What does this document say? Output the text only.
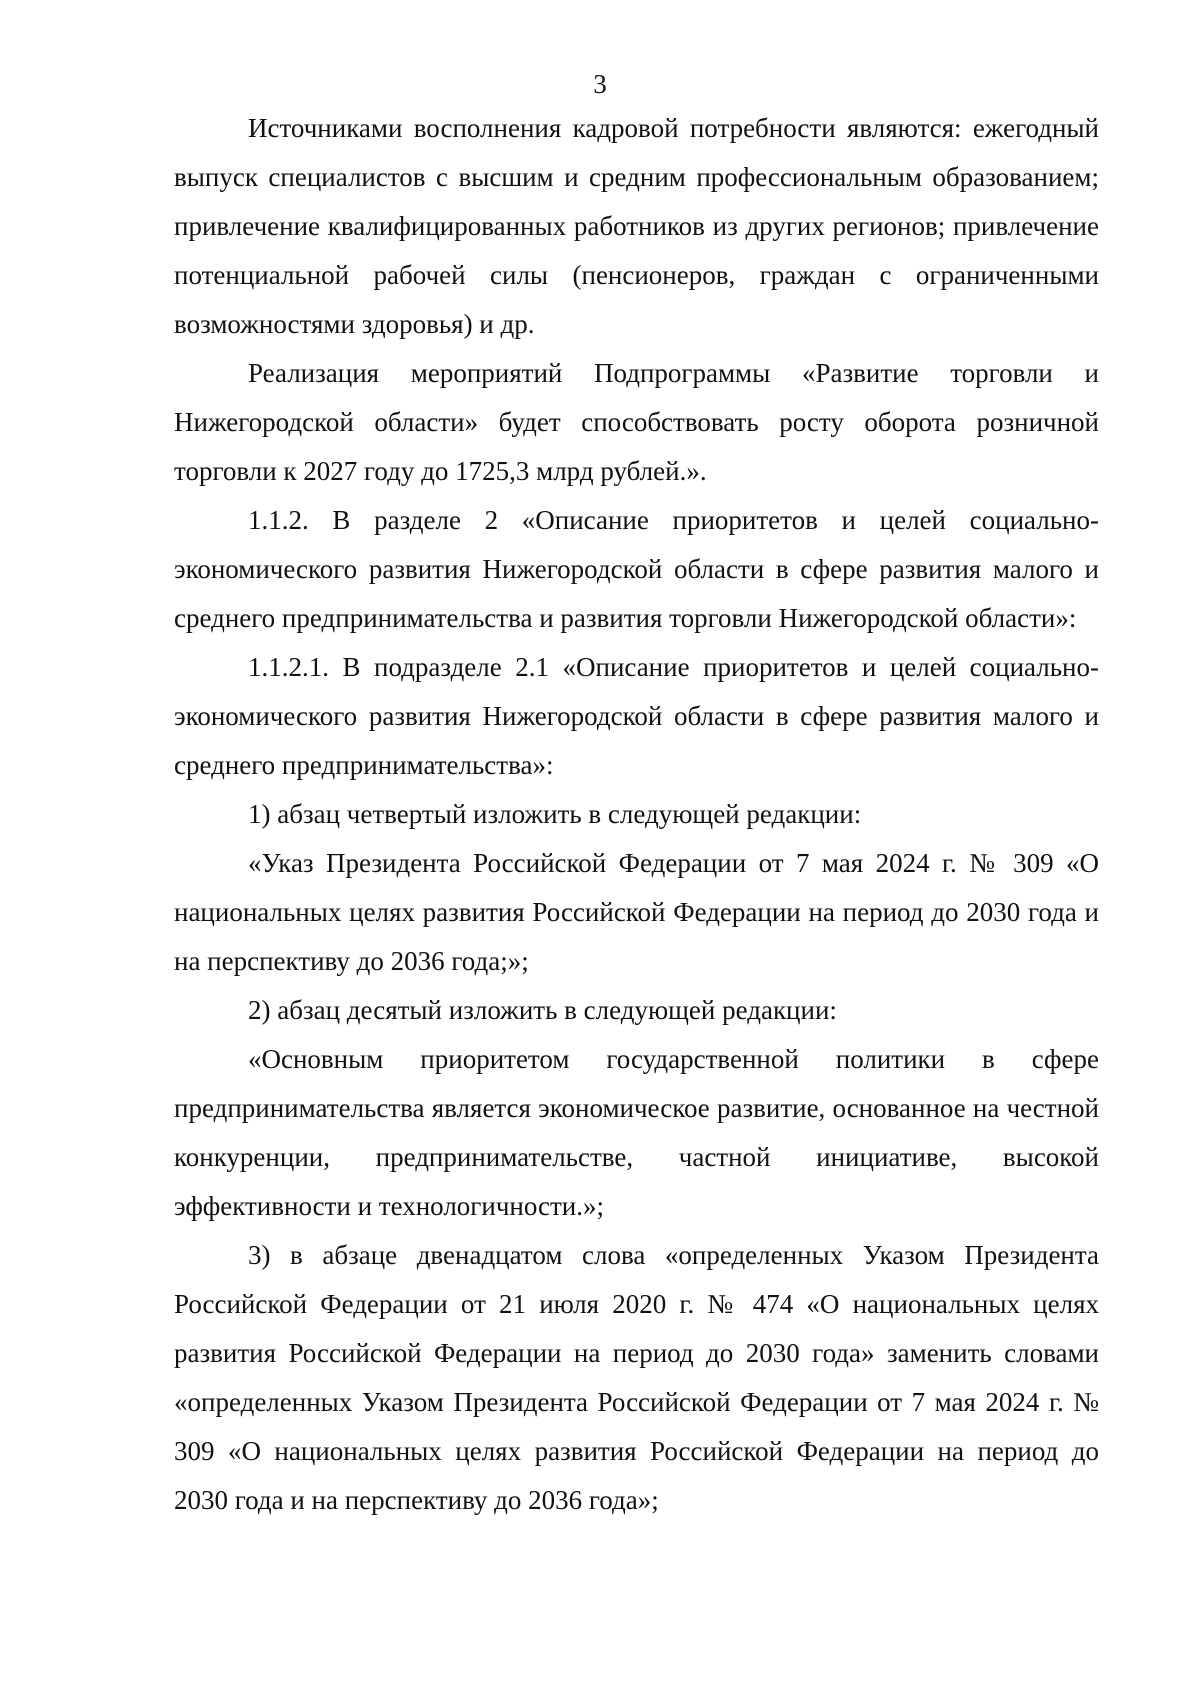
3

Источниками восполнения кадровой потребности являются: ежегодный выпуск специалистов с высшим и средним профессиональным образованием; привлечение квалифицированных работников из других регионов; привлечение потенциальной рабочей силы (пенсионеров, граждан с ограниченными возможностями здоровья) и др.

Реализация мероприятий Подпрограммы «Развитие торговли и Нижегородской области» будет способствовать росту оборота розничной торговли к 2027 году до 1725,3 млрд рублей.».

1.1.2. В разделе 2 «Описание приоритетов и целей социально-экономического развития Нижегородской области в сфере развития малого и среднего предпринимательства и развития торговли Нижегородской области»:

1.1.2.1. В подразделе 2.1 «Описание приоритетов и целей социально-экономического развития Нижегородской области в сфере развития малого и среднего предпринимательства»:

1) абзац четвертый изложить в следующей редакции:

«Указ Президента Российской Федерации от 7 мая 2024 г. № 309 «О национальных целях развития Российской Федерации на период до 2030 года и на перспективу до 2036 года;»;

2) абзац десятый изложить в следующей редакции:

«Основным приоритетом государственной политики в сфере предпринимательства является экономическое развитие, основанное на честной конкуренции, предпринимательстве, частной инициативе, высокой эффективности и технологичности.»;

3) в абзаце двенадцатом слова «определенных Указом Президента Российской Федерации от 21 июля 2020 г. № 474 «О национальных целях развития Российской Федерации на период до 2030 года» заменить словами «определенных Указом Президента Российской Федерации от 7 мая 2024 г. № 309 «О национальных целях развития Российской Федерации на период до 2030 года и на перспективу до 2036 года»;
